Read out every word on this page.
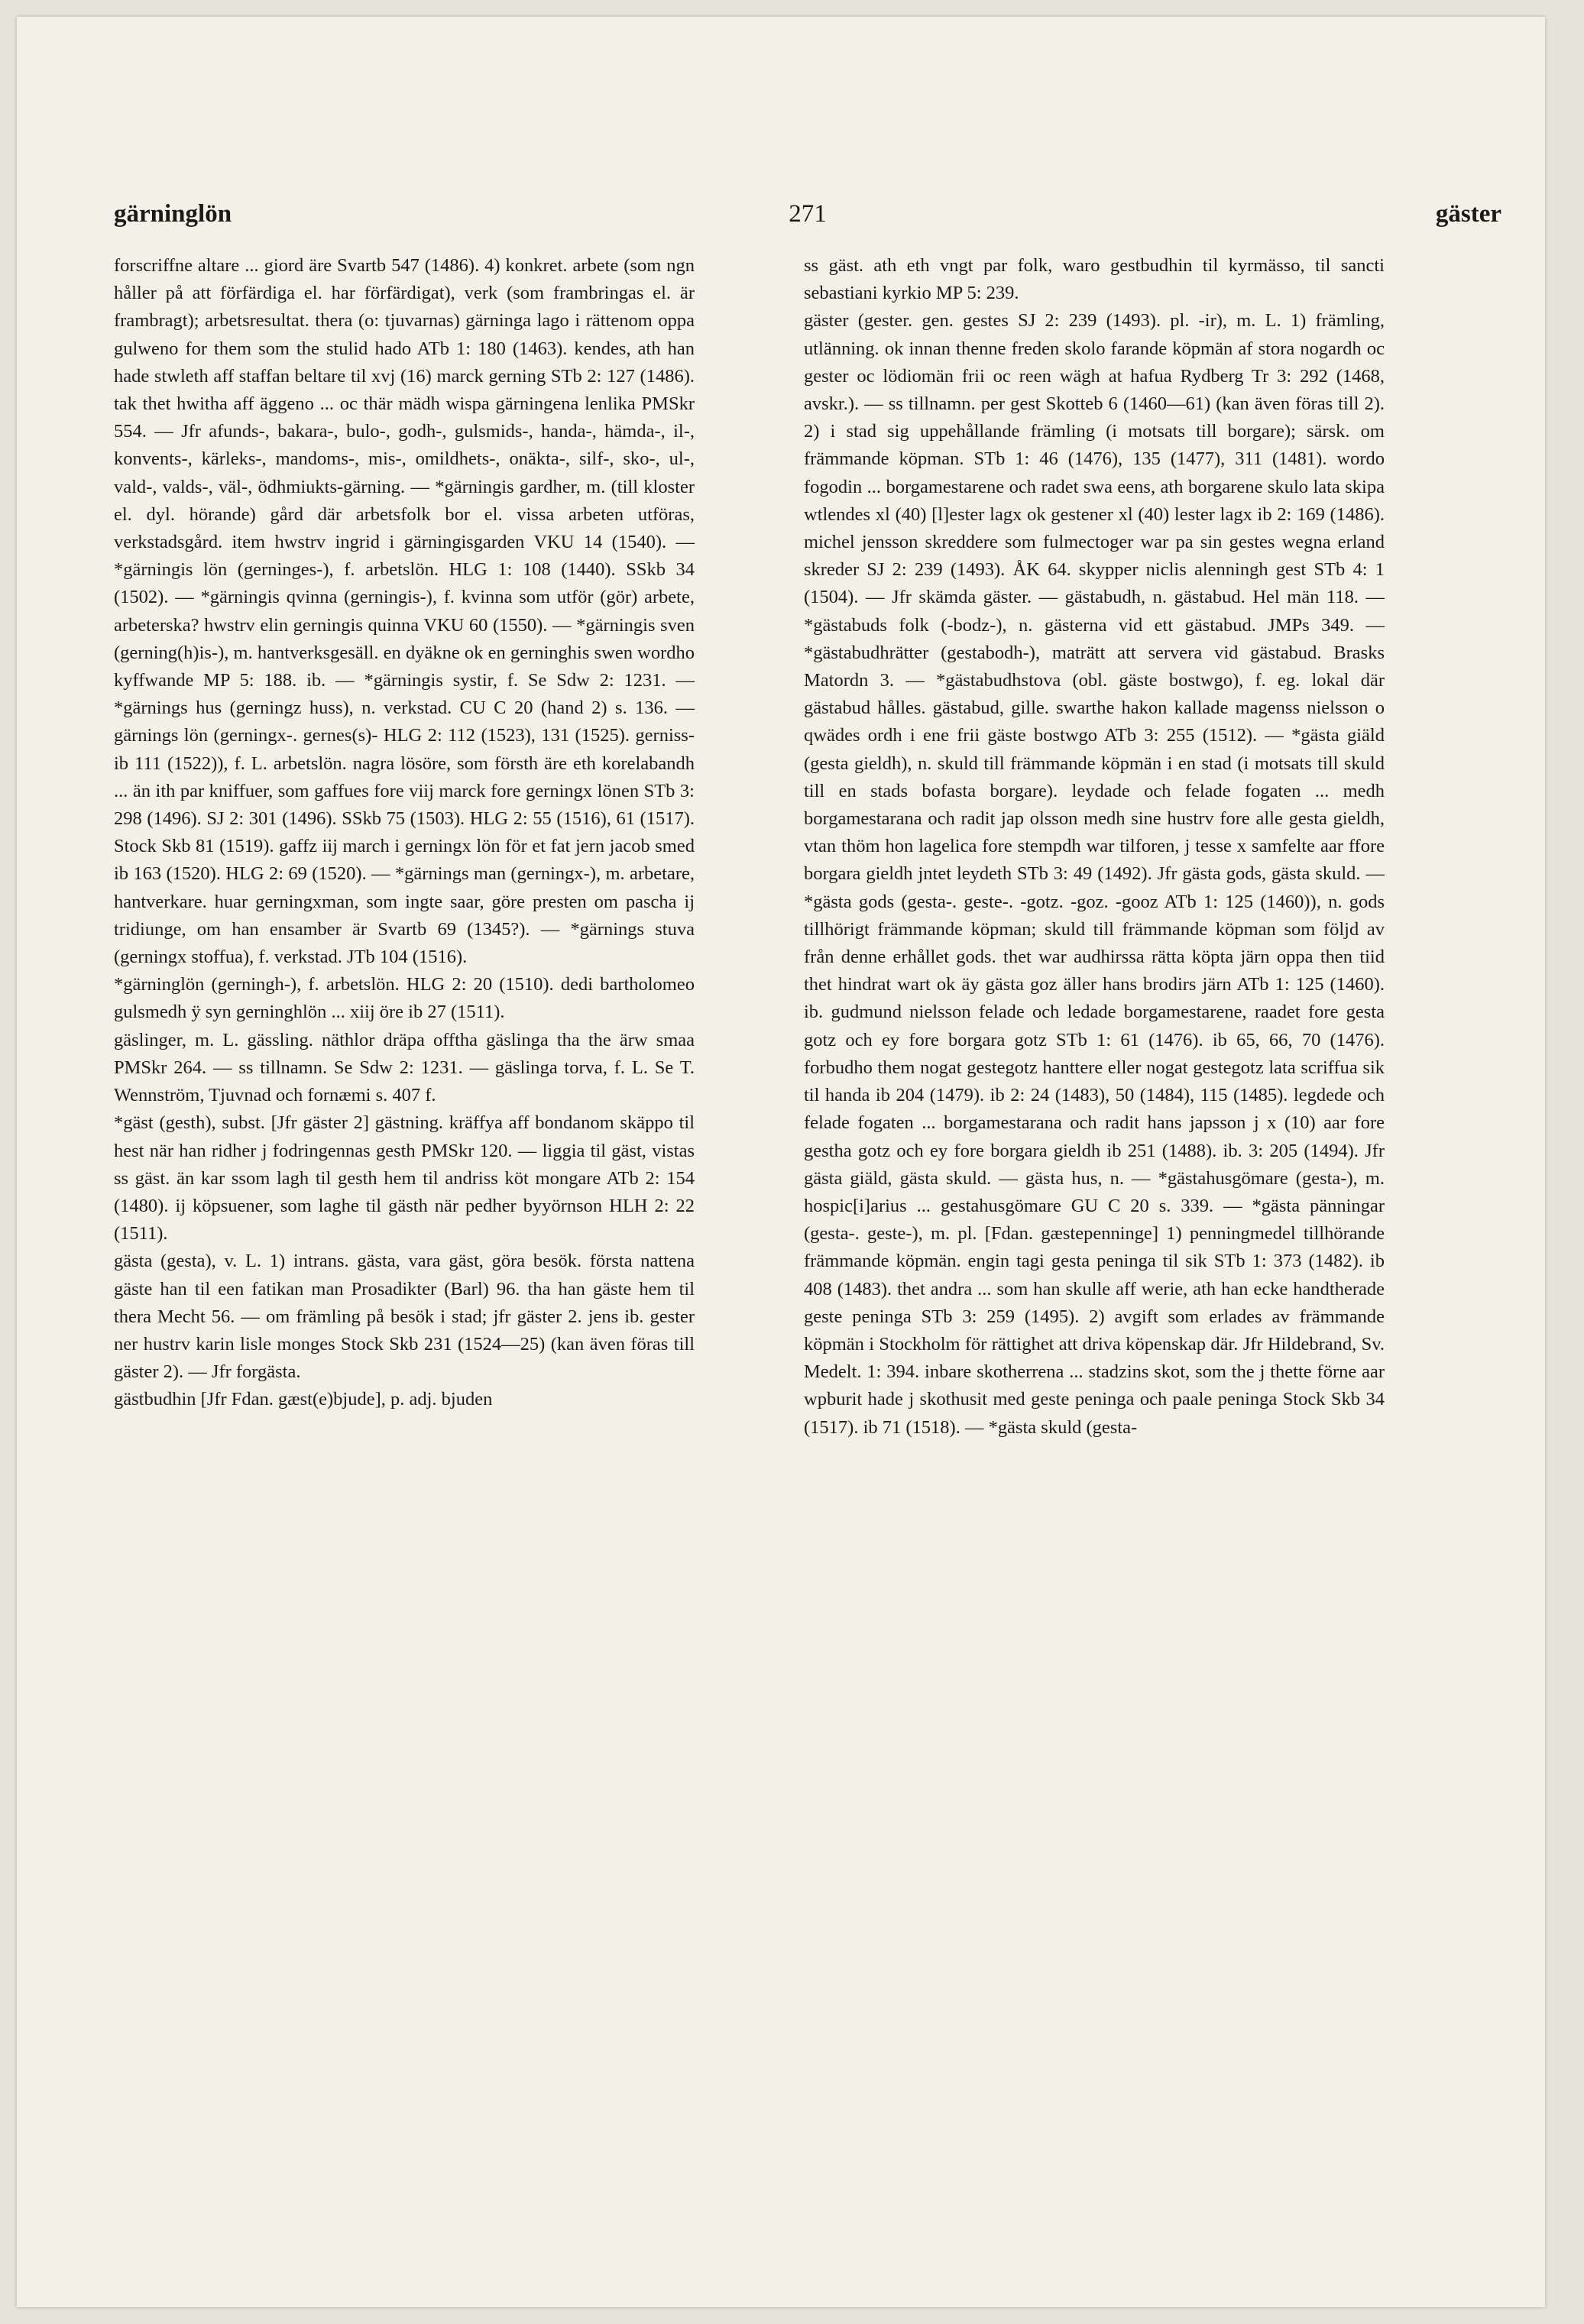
gärninglön	271	gäster

forscriffne altare ... giord äre Svartb 547 (1486). 4) konkret. arbete (som ngn håller på att förfärdiga el. har förfärdigat), verk (som frambringas el. är frambragt); arbetsresultat. thera (o: tjuvarnas) gärninga lago i rättenom oppa gulweno for them som the stulid hado ATb 1: 180 (1463). kendes, ath han hade stwleth aff staffan beltare til xvj (16) marck gerning STb 2: 127 (1486). tak thet hwitha aff äggeno ... oc thär mädh wispa gärningena lenlika PMSkr 554. — Jfr afunds-, bakara-, bulo-, godh-, gulsmids-, handa-, hämda-, il-, konvents-, kärleks-, mandoms-, mis-, omildhets-, onäkta-, silf-, sko-, ul-, vald-, valds-, väl-, ödhmiukts-gärning. — *gärningis gardher, m. (till kloster el. dyl. hörande) gård där arbetsfolk bor el. vissa arbeten utföras, verkstadsgård. item hwstrv ingrid i gärningisgarden VKU 14 (1540). — *gärningis lön (gerninges-), f. arbetslön. HLG 1: 108 (1440). SSkb 34 (1502). — *gärningis qvinna (gerningis-), f. kvinna som utför (gör) arbete, arbeterska? hwstrv elin gerningis quinna VKU 60 (1550). — *gärningis sven (gerning(h)is-), m. hantverksgesäll. en dyäkne ok en gerninghis swen wordho kyffwande MP 5: 188. ib. — *gärningis systir, f. Se Sdw 2: 1231. — *gärnings hus (gerningz huss), n. verkstad. CU C 20 (hand 2) s. 136. — gärnings lön (gerningx-. gernes(s)- HLG 2: 112 (1523), 131 (1525). gerniss- ib 111 (1522)), f. L. arbetslön. nagra lösöre, som försth äre eth korelabandh ... än ith par kniffuer, som gaffues fore viij marck fore gerningx lönen STb 3: 298 (1496). SJ 2: 301 (1496). SSkb 75 (1503). HLG 2: 55 (1516), 61 (1517). Stock Skb 81 (1519). gaffz iij march i gerningx lön för et fat jern jacob smed ib 163 (1520). HLG 2: 69 (1520). — *gärnings man (gerningx-), m. arbetare, hantverkare. huar gerningxman, som ingte saar, göre presten om pascha ij tridiunge, om han ensamber är Svartb 69 (1345?). — *gärnings stuva (gerningx stoffua), f. verkstad. JTb 104 (1516).

*gärninglön (gerningh-), f. arbetslön. HLG 2: 20 (1510). dedi bartholomeo gulsmedh ÿ syn gerninghlön ... xiij öre ib 27 (1511).

gäslinger, m. L. gässling. näthlor dräpa offtha gäslinga tha the ärw smaa PMSkr 264. — ss tillnamn. Se Sdw 2: 1231. — gäslinga torva, f. L. Se T. Wennström, Tjuvnad och fornæmi s. 407 f.

*gäst (gesth), subst. [Jfr gäster 2] gästning. kräffya aff bondanom skäppo til hest när han ridher j fodringennas gesth PMSkr 120. — liggia til gäst, vistas ss gäst. än kar ssom lagh til gesth hem til andriss köt mongare ATb 2: 154 (1480). ij köpsuener, som laghe til gästh när pedher byyörnson HLH 2: 22 (1511).

gästa (gesta), v. L. 1) intrans. gästa, vara gäst, göra besök. första nattena gäste han til een fatikan man Prosadikter (Barl) 96. tha han gäste hem til thera Mecht 56. — om främling på besök i stad; jfr gäster 2. jens ib. gester ner hustrv karin lisle monges Stock Skb 231 (1524—25) (kan även föras till gäster 2). — Jfr forgästa.

gästbudhin [Jfr Fdan. gæst(e)bjude], p. adj. bjuden

ss gäst. ath eth vngt par folk, waro gestbudhin til kyrmässo, til sancti sebastiani kyrkio MP 5: 239.

gäster (gester. gen. gestes SJ 2: 239 (1493). pl. -ir), m. L. 1) främling, utlänning. ok innan thenne freden skolo farande köpmän af stora nogardh oc gester oc lödiomän frii oc reen wägh at hafua Rydberg Tr 3: 292 (1468, avskr.). — ss tillnamn. per gest Skotteb 6 (1460—61) (kan även föras till 2). 2) i stad sig uppehållande främling (i motsats till borgare); särsk. om främmande köpman. STb 1: 46 (1476), 135 (1477), 311 (1481). wordo fogodin ... borgamestarene och radet swa eens, ath borgarene skulo lata skipa wtlendes xl (40) [l]ester lagx ok gestener xl (40) lester lagx ib 2: 169 (1486). michel jensson skreddere som fulmectoger war pa sin gestes wegna erland skreder SJ 2: 239 (1493). ÅK 64. skypper niclis alenningh gest STb 4: 1 (1504). — Jfr skämda gäster. — gästabudh, n. gästabud. Hel män 118. — *gästabuds folk (-bodz-), n. gästerna vid ett gästabud. JMPs 349. — *gästabudhrätter (gestabodh-), maträtt att servera vid gästabud. Brasks Matordn 3. — *gästabudhstova (obl. gäste bostwgo), f. eg. lokal där gästabud hålles. gästabud, gille. swarthe hakon kallade magenss nielsson o qwädes ordh i ene frii gäste bostwgo ATb 3: 255 (1512). — *gästa giäld (gesta gieldh), n. skuld till främmande köpmän i en stad (i motsats till skuld till en stads bofasta borgare). leydade och felade fogaten ... medh borgamestarana och radit jap olsson medh sine hustrv fore alle gesta gieldh, vtan thöm hon lagelica fore stempdh war tilforen, j tesse x samfelte aar ffore borgara gieldh jntet leydeth STb 3: 49 (1492). Jfr gästa gods, gästa skuld. — *gästa gods (gesta-. geste-. -gotz. -goz. -gooz ATb 1: 125 (1460)), n. gods tillhörigt främmande köpman; skuld till främmande köpman som följd av från denne erhållet gods. thet war audhirssa rätta köpta järn oppa then tiid thet hindrat wart ok äy gästa goz äller hans brodirs järn ATb 1: 125 (1460). ib. gudmund nielsson felade och ledade borgamestarene, raadet fore gesta gotz och ey fore borgara gotz STb 1: 61 (1476). ib 65, 66, 70 (1476). forbudho them nogat gestegotz hanttere eller nogat gestegotz lata scriffua sik til handa ib 204 (1479). ib 2: 24 (1483), 50 (1484), 115 (1485). legdede och felade fogaten ... borgamestarana och radit hans japsson j x (10) aar fore gestha gotz och ey fore borgara gieldh ib 251 (1488). ib. 3: 205 (1494). Jfr gästa giäld, gästa skuld. — gästa hus, n. — *gästahusgömare (gesta-), m. hospic[i]arius ... gestahusgömare GU C 20 s. 339. — *gästa pänningar (gesta-. geste-), m. pl. [Fdan. gæstepenninge] 1) penningmedel tillhörande främmande köpmän. engin tagi gesta peninga til sik STb 1: 373 (1482). ib 408 (1483). thet andra ... som han skulle aff werie, ath han ecke handtherade geste peninga STb 3: 259 (1495). 2) avgift som erlades av främmande köpmän i Stockholm för rättighet att driva köpenskap där. Jfr Hildebrand, Sv. Medelt. 1: 394. inbare skotherrena ... stadzins skot, som the j thette förne aar wpburit hade j skothusit med geste peninga och paale peninga Stock Skb 34 (1517). ib 71 (1518). — *gästa skuld (gesta-
